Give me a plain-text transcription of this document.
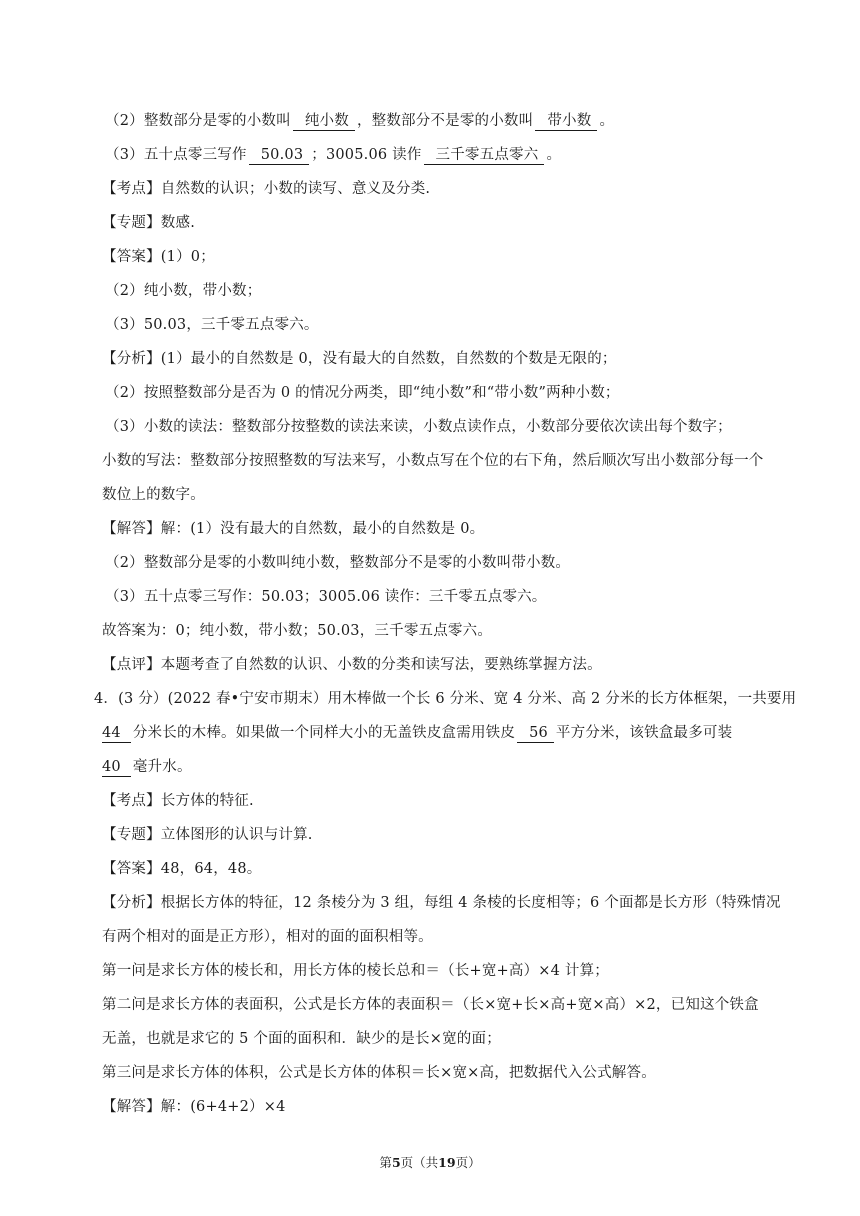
（2）整数部分是零的小数叫 纯小数 ，整数部分不是零的小数叫 带小数 。
（3）五十点零三写作 50.03 ；3005.06 读作 三千零五点零六 。
【考点】自然数的认识；小数的读写、意义及分类.
【专题】数感.
【答案】(1）0；
（2）纯小数，带小数；
（3）50.03，三千零五点零六。
【分析】(1）最小的自然数是 0，没有最大的自然数，自然数的个数是无限的；
（2）按照整数部分是否为 0 的情况分两类，即“纯小数”和“带小数”两种小数；
（3）小数的读法：整数部分按整数的读法来读，小数点读作点，小数部分要依次读出每个数字；
小数的写法：整数部分按照整数的写法来写，小数点写在个位的右下角，然后顺次写出小数部分每一个
数位上的数字。
【解答】解：(1）没有最大的自然数，最小的自然数是 0。
（2）整数部分是零的小数叫纯小数，整数部分不是零的小数叫带小数。
（3）五十点零三写作：50.03；3005.06 读作：三千零五点零六。
故答案为：0；纯小数，带小数；50.03，三千零五点零六。
【点评】本题考查了自然数的认识、小数的分类和读写法，要熟练掌握方法。
4．(3 分）(2022 春•宁安市期末）用木棒做一个长 6 分米、宽 4 分米、高 2 分米的长方体框架，一共要用
44 分米长的木棒。如果做一个同样大小的无盖铁皮盒需用铁皮 56 平方分米，该铁盒最多可装
40 毫升水。
【考点】长方体的特征.
【专题】立体图形的认识与计算.
【答案】48，64，48。
【分析】根据长方体的特征，12 条棱分为 3 组，每组 4 条棱的长度相等；6 个面都是长方形（特殊情况
有两个相对的面是正方形），相对的面的面积相等。
第一问是求长方体的棱长和，用长方体的棱长总和＝（长+宽+高）×4 计算；
第二问是求长方体的表面积，公式是长方体的表面积＝（长×宽+长×高+宽×高）×2，已知这个铁盒
无盖，也就是求它的 5 个面的面积和．缺少的是长×宽的面；
第三问是求长方体的体积，公式是长方体的体积＝长×宽×高，把数据代入公式解答。
【解答】解：(6+4+2）×4
第5页（共19页）
